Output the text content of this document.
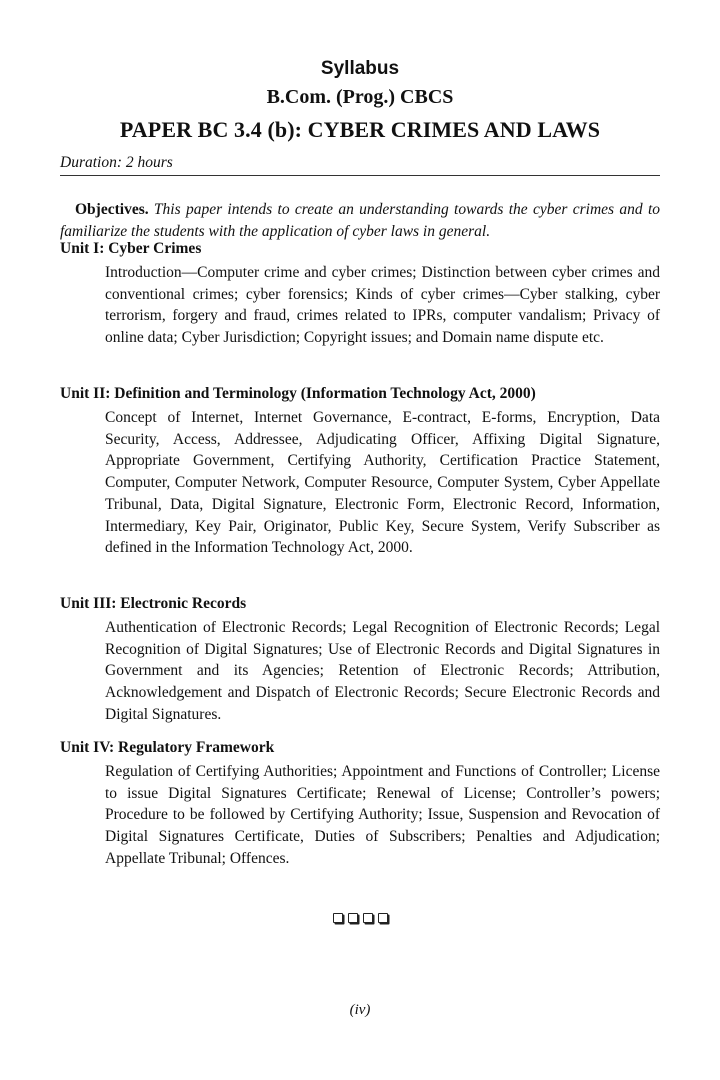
Syllabus
B.Com. (Prog.) CBCS
PAPER BC 3.4 (b): CYBER CRIMES AND LAWS
Duration: 2 hours

Objectives. This paper intends to create an understanding towards the cyber crimes and to familiarize the students with the application of cyber laws in general.

Unit I: Cyber Crimes

Introduction—Computer crime and cyber crimes; Distinction between cyber crimes and conventional crimes; cyber forensics; Kinds of cyber crimes—Cyber stalking, cyber terrorism, forgery and fraud, crimes related to IPRs, computer vandalism; Privacy of online data; Cyber Jurisdiction; Copyright issues; and Domain name dispute etc.

Unit II: Definition and Terminology (Information Technology Act, 2000)

Concept of Internet, Internet Governance, E-contract, E-forms, Encryption, Data Security, Access, Addressee, Adjudicating Officer, Affixing Digital Signature, Appropriate Government, Certifying Authority, Certification Practice Statement, Computer, Computer Network, Computer Resource, Computer System, Cyber Appellate Tribunal, Data, Digital Signature, Electronic Form, Electronic Record, Information, Intermediary, Key Pair, Originator, Public Key, Secure System, Verify Subscriber as defined in the Information Technology Act, 2000.

Unit III: Electronic Records

Authentication of Electronic Records; Legal Recognition of Electronic Records; Legal Recognition of Digital Signatures; Use of Electronic Records and Digital Signatures in Government and its Agencies; Retention of Electronic Records; Attribution, Acknowledgement and Dispatch of Electronic Records; Secure Electronic Records and Digital Signatures.

Unit IV: Regulatory Framework

Regulation of Certifying Authorities; Appointment and Functions of Controller; License to issue Digital Signatures Certificate; Renewal of License; Controller’s powers; Procedure to be followed by Certifying Authority; Issue, Suspension and Revocation of Digital Signatures Certificate, Duties of Subscribers; Penalties and Adjudication; Appellate Tribunal; Offences.

(iv)
